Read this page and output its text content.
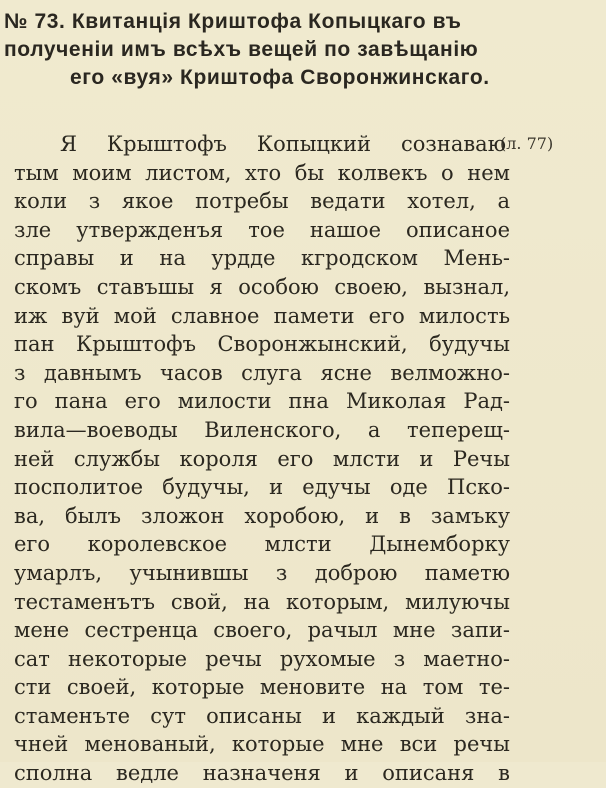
№ 73. Квитанція Криштофа Копыцкаго въ
полученіи имъ всѣхъ вещей по завѣщанію
его «вуя» Криштофа Своронжинскаго.
(л. 77)
Я Крыштофъ Копыцкий сознаваю
тым моим листом, хто бы колвекъ о нем
коли з якое потребы ведати хотел, а
зле утвержденъя тое нашое описаное
справы и на урдде кгродском Мень-
скомъ ставъшы я особою своею, вызнал,
иж вуй мой славное памети его милость
пан Крыштофъ Своронжынский, будучы
з давнымъ часов слуга ясне велможно-
го пана его милости пна Миколая Рад-
вила—воеводы Виленского, а теперещ-
ней службы короля его млсти и Речы
посполитое будучы, и едучы оде Пско-
ва, былъ зложон хоробою, и в замъку
его королевское млсти Дынемборку
умарлъ, учынившы з доброю паметю
тестаменътъ свой, на которым, милуючы
мене сестренца своего, рачыл мне запи-
сат некоторые речы рухомые з маетно-
сти своей, которые меновите на том те-
стаменъте сут описаны и каждый зна-
чней менованый, которые мне вси речы
сполна ведле назначеня и описаня в
